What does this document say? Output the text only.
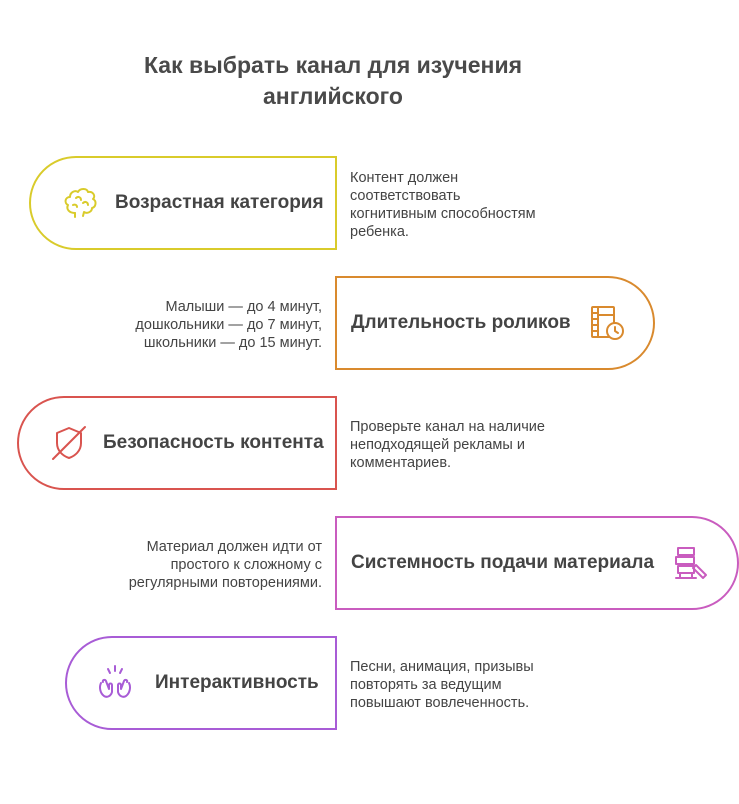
Как выбрать канал для изучения английского
Возрастная категория
Контент должен
соответствовать
когнитивным способностям
ребенка.
Длительность роликов
Малыши — до 4 минут,
дошкольники — до 7 минут,
школьники — до 15 минут.
Безопасность контента
Проверьте канал на наличие
неподходящей рекламы и
комментариев.
Системность подачи материала
Материал должен идти от
простого к сложному с
регулярными повторениями.
Интерактивность
Песни, анимация, призывы
повторять за ведущим
повышают вовлеченность.
